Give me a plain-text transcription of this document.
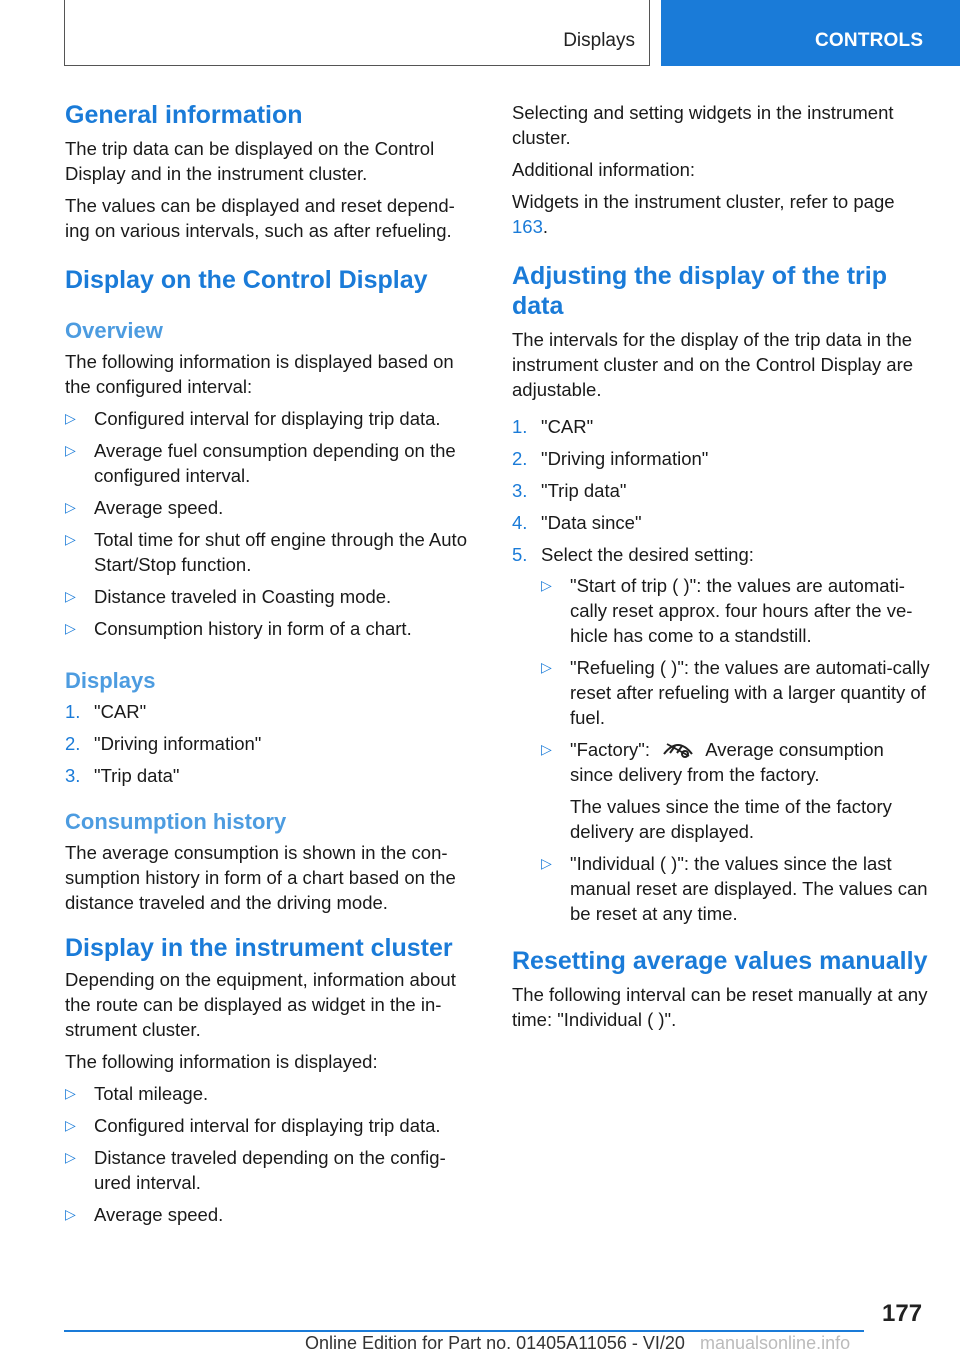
Displays	CONTROLS
General information

The trip data can be displayed on the Control Display and in the instrument cluster.

The values can be displayed and reset depend‐ing on various intervals, such as after refueling.

Display on the Control Display
Overview

The following information is displayed based on the configured interval:

▷ Configured interval for displaying trip data.
▷ Average fuel consumption depending on the configured interval.
▷ Average speed.
▷ Total time for shut off engine through the Auto Start/Stop function.
▷ Distance traveled in Coasting mode.
▷ Consumption history in form of a chart.
Displays
1. "CAR"
2. "Driving information"
3. "Trip data"
Consumption history

The average consumption is shown in the con‐sumption history in form of a chart based on the distance traveled and the driving mode.

Display in the instrument cluster

Depending on the equipment, information about the route can be displayed as widget in the in‐strument cluster.

The following information is displayed:

▷ Total mileage.
▷ Configured interval for displaying trip data.
▷ Distance traveled depending on the config‐ured interval.
▷ Average speed.

Selecting and setting widgets in the instrument cluster.

Additional information:

Widgets in the instrument cluster, refer to page 163.

Adjusting the display of the trip data

The intervals for the display of the trip data in the instrument cluster and on the Control Display are adjustable.

1. "CAR"
2. "Driving information"
3. "Trip data"
4. "Data since"
5. Select the desired setting:
▷ "Start of trip ( )": the values are automati‐cally reset approx. four hours after the ve‐hicle has come to a standstill.
▷ "Refueling ( )": the values are automati‐cally reset after refueling with a larger quantity of fuel.
▷ "Factory":	Average consumption since delivery from the factory.
The values since the time of the factory delivery are displayed.
▷ "Individual ( )": the values since the last manual reset are displayed. The values can be reset at any time.
Resetting average values manually

The following interval can be reset manually at any time: "Individual ( )".

177
Online Edition for Part no. 01405A11056 - VI/20 manualsonline.info
